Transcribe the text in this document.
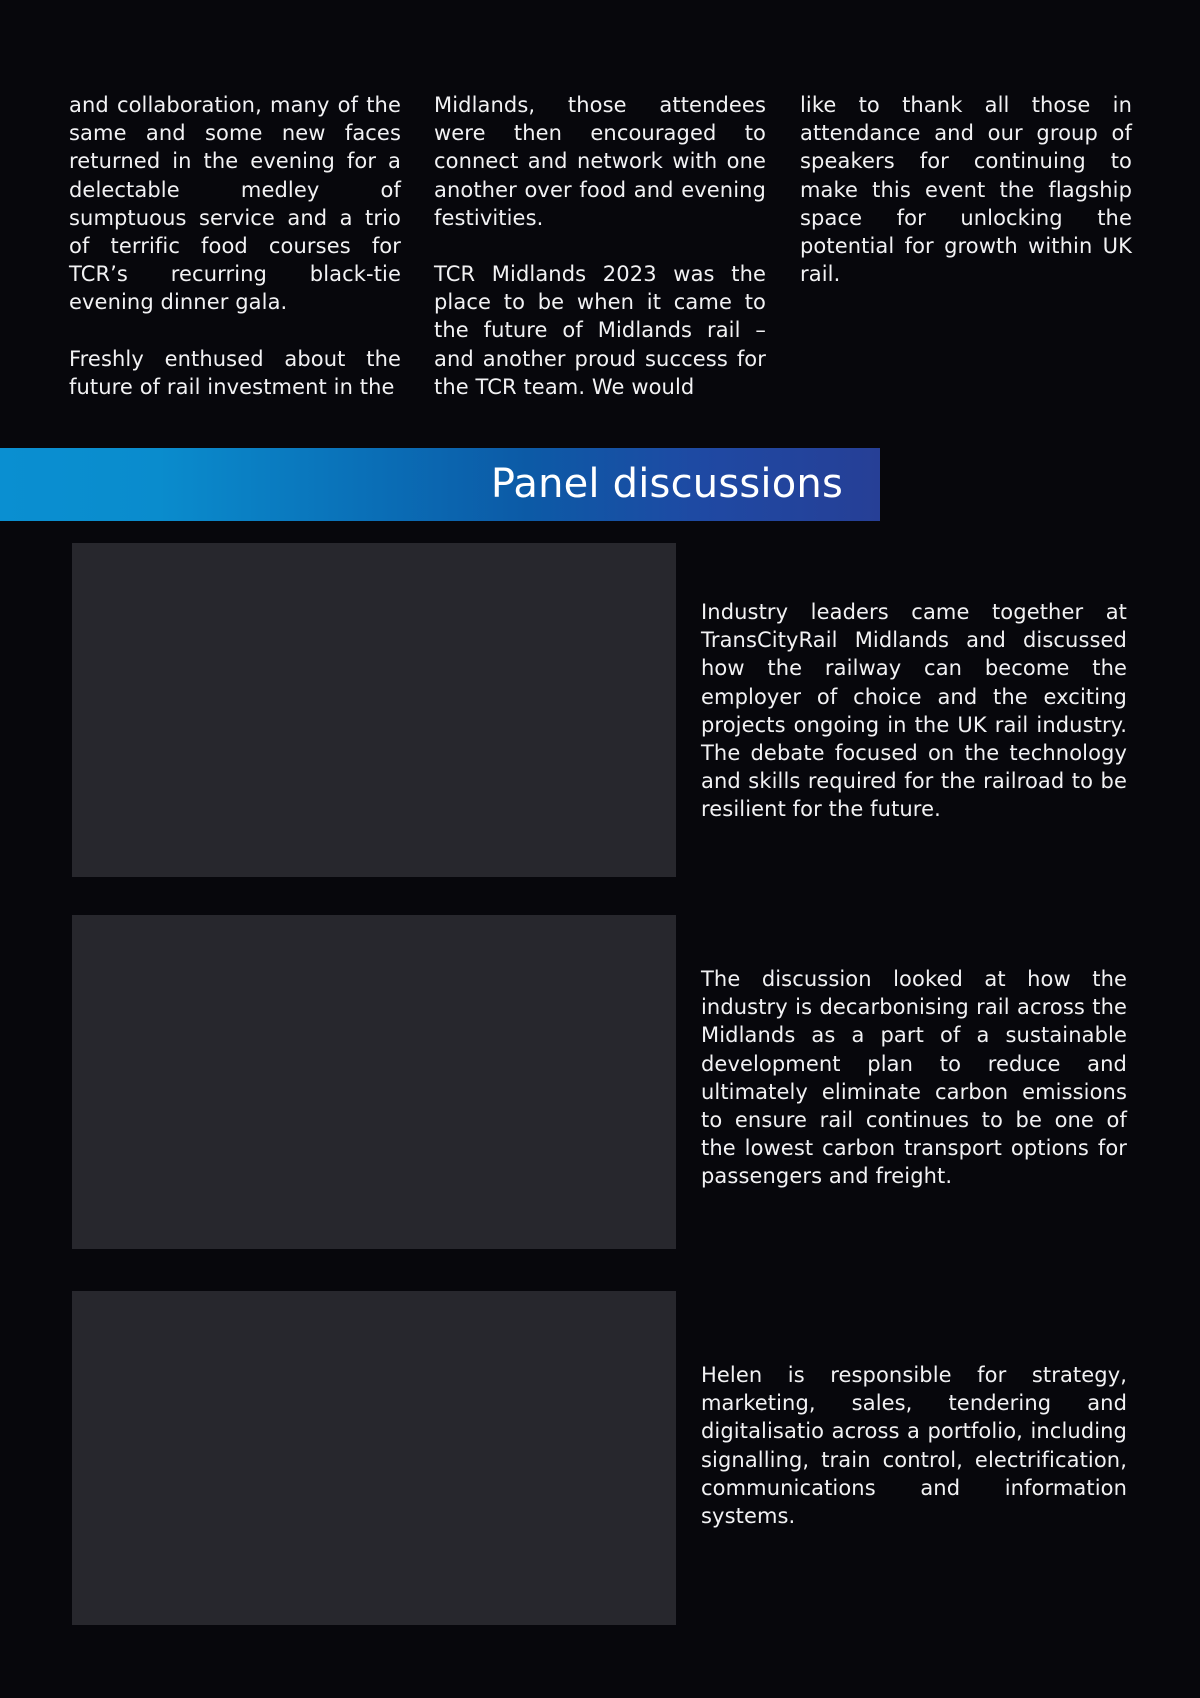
and collaboration, many of the same and some new faces returned in the evening for a delectable medley of sumptuous service and a trio of terrific food courses for TCR’s recurring black-tie evening dinner gala.

Freshly enthused about the future of rail investment in the

Midlands, those attendees were then encouraged to connect and network with one another over food and evening festivities.

TCR Midlands 2023 was the place to be when it came to the future of Midlands rail – and another proud success for the TCR team. We would

like to thank all those in attendance and our group of speakers for continuing to make this event the flagship space for unlocking the potential for growth within UK rail.

Panel discussions

Industry leaders came together at TransCityRail Midlands and discussed how the railway can become the employer of choice and the exciting projects ongoing in the UK rail industry. The debate focused on the technology and skills required for the railroad to be resilient for the future.

The discussion looked at how the industry is decarbonising rail across the Midlands as a part of a sustainable development plan to reduce and ultimately eliminate carbon emissions to ensure rail continues to be one of the lowest carbon transport options for passengers and freight.

Helen is responsible for strategy, marketing, sales, tendering and digitalisatio across a portfolio, including signalling, train control, electrification, communications and information systems.
